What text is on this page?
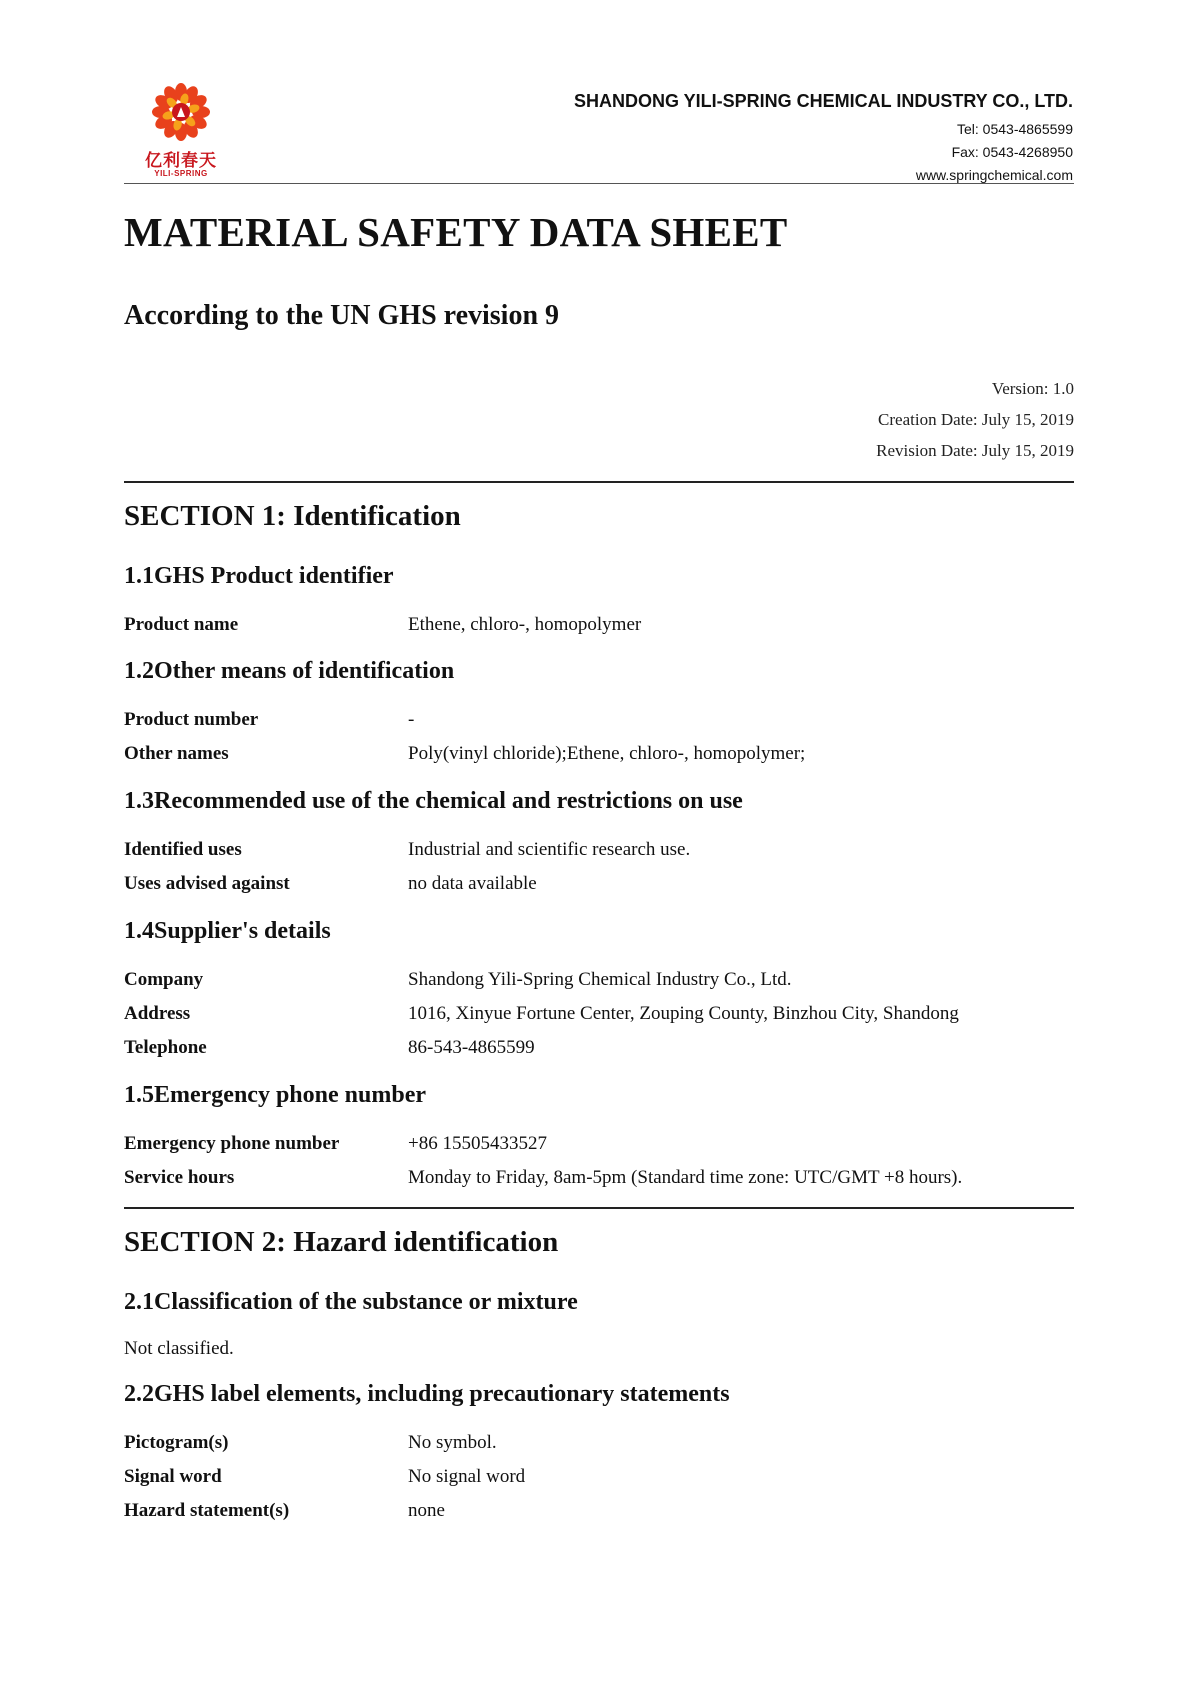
亿利春天
YILI-SPRING
SHANDONG YILI-SPRING CHEMICAL INDUSTRY CO., LTD.
Tel: 0543-4865599
Fax: 0543-4268950
www.springchemical.com
MATERIAL SAFETY DATA SHEET
According to the UN GHS revision 9
Version: 1.0
Creation Date: July 15, 2019
Revision Date: July 15, 2019
SECTION 1: Identification
1.1GHS Product identifier
Product name	Ethene, chloro-, homopolymer
1.2Other means of identification
Product number	-
Other names	Poly(vinyl chloride);Ethene, chloro-, homopolymer;
1.3Recommended use of the chemical and restrictions on use
Identified uses	Industrial and scientific research use.
Uses advised against	no data available
1.4Supplier's details
Company	Shandong Yili-Spring Chemical Industry Co., Ltd.
Address	1016, Xinyue Fortune Center, Zouping County, Binzhou City, Shandong
Telephone	86-543-4865599
1.5Emergency phone number
Emergency phone number	+86 15505433527
Service hours	Monday to Friday, 8am-5pm (Standard time zone: UTC/GMT +8 hours).
SECTION 2: Hazard identification
2.1Classification of the substance or mixture
Not classified.
2.2GHS label elements, including precautionary statements
Pictogram(s)	No symbol.
Signal word	No signal word
Hazard statement(s)	none
